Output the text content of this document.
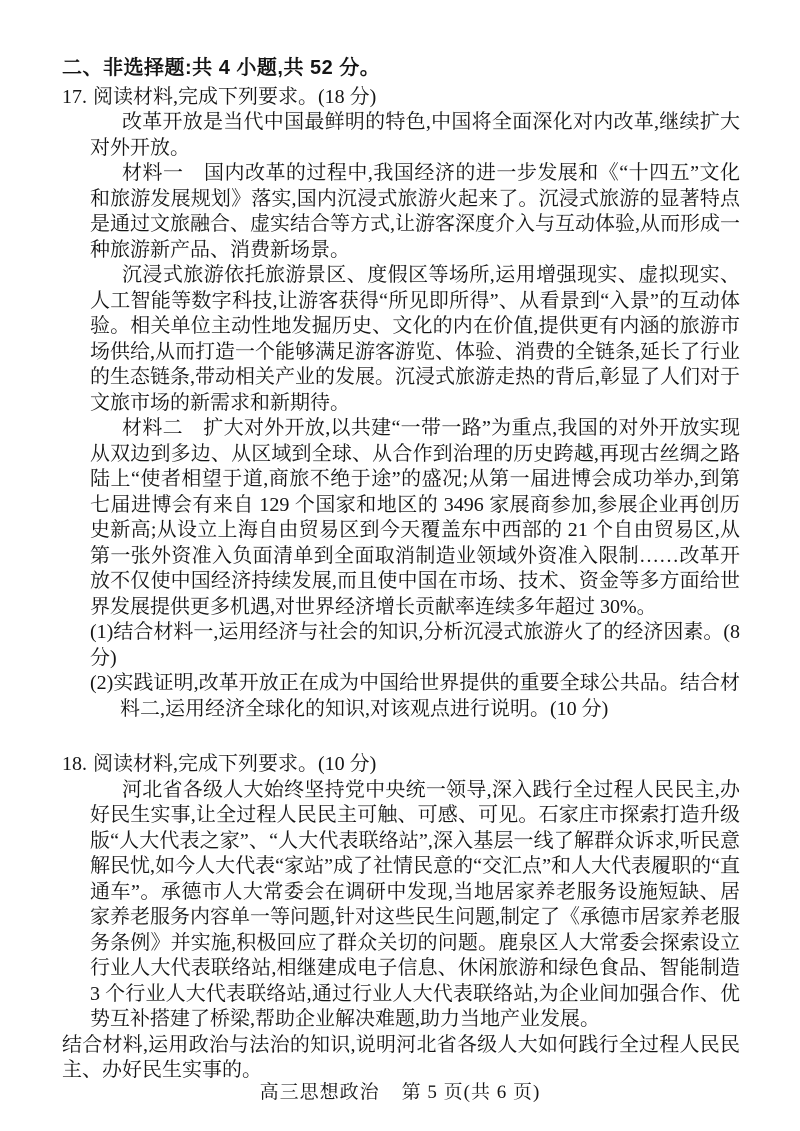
二、非选择题:共 4 小题,共 52 分。

17. 阅读材料,完成下列要求。(18 分)

改革开放是当代中国最鲜明的特色,中国将全面深化对内改革,继续扩大对外开放。

材料一　国内改革的过程中,我国经济的进一步发展和《“十四五”文化和旅游发展规划》落实,国内沉浸式旅游火起来了。沉浸式旅游的显著特点是通过文旅融合、虚实结合等方式,让游客深度介入与互动体验,从而形成一种旅游新产品、消费新场景。

沉浸式旅游依托旅游景区、度假区等场所,运用增强现实、虚拟现实、人工智能等数字科技,让游客获得“所见即所得”、从看景到“入景”的互动体验。相关单位主动性地发掘历史、文化的内在价值,提供更有内涵的旅游市场供给,从而打造一个能够满足游客游览、体验、消费的全链条,延长了行业的生态链条,带动相关产业的发展。沉浸式旅游走热的背后,彰显了人们对于文旅市场的新需求和新期待。

材料二　扩大对外开放,以共建“一带一路”为重点,我国的对外开放实现从双边到多边、从区域到全球、从合作到治理的历史跨越,再现古丝绸之路陆上“使者相望于道,商旅不绝于途”的盛况;从第一届进博会成功举办,到第七届进博会有来自 129 个国家和地区的 3496 家展商参加,参展企业再创历史新高;从设立上海自由贸易区到今天覆盖东中西部的 21 个自由贸易区,从第一张外资准入负面清单到全面取消制造业领域外资准入限制……改革开放不仅使中国经济持续发展,而且使中国在市场、技术、资金等多方面给世界发展提供更多机遇,对世界经济增长贡献率连续多年超过 30%。

(1)结合材料一,运用经济与社会的知识,分析沉浸式旅游火了的经济因素。(8 分)

(2)实践证明,改革开放正在成为中国给世界提供的重要全球公共品。结合材料二,运用经济全球化的知识,对该观点进行说明。(10 分)

18. 阅读材料,完成下列要求。(10 分)

河北省各级人大始终坚持党中央统一领导,深入践行全过程人民民主,办好民生实事,让全过程人民民主可触、可感、可见。石家庄市探索打造升级版“人大代表之家”、“人大代表联络站”,深入基层一线了解群众诉求,听民意解民忧,如今人大代表“家站”成了社情民意的“交汇点”和人大代表履职的“直通车”。承德市人大常委会在调研中发现,当地居家养老服务设施短缺、居家养老服务内容单一等问题,针对这些民生问题,制定了《承德市居家养老服务条例》并实施,积极回应了群众关切的问题。鹿泉区人大常委会探索设立行业人大代表联络站,相继建成电子信息、休闲旅游和绿色食品、智能制造 3 个行业人大代表联络站,通过行业人大代表联络站,为企业间加强合作、优势互补搭建了桥梁,帮助企业解决难题,助力当地产业发展。

结合材料,运用政治与法治的知识,说明河北省各级人大如何践行全过程人民民主、办好民生实事的。

高三思想政治 第 5 页(共 6 页)
